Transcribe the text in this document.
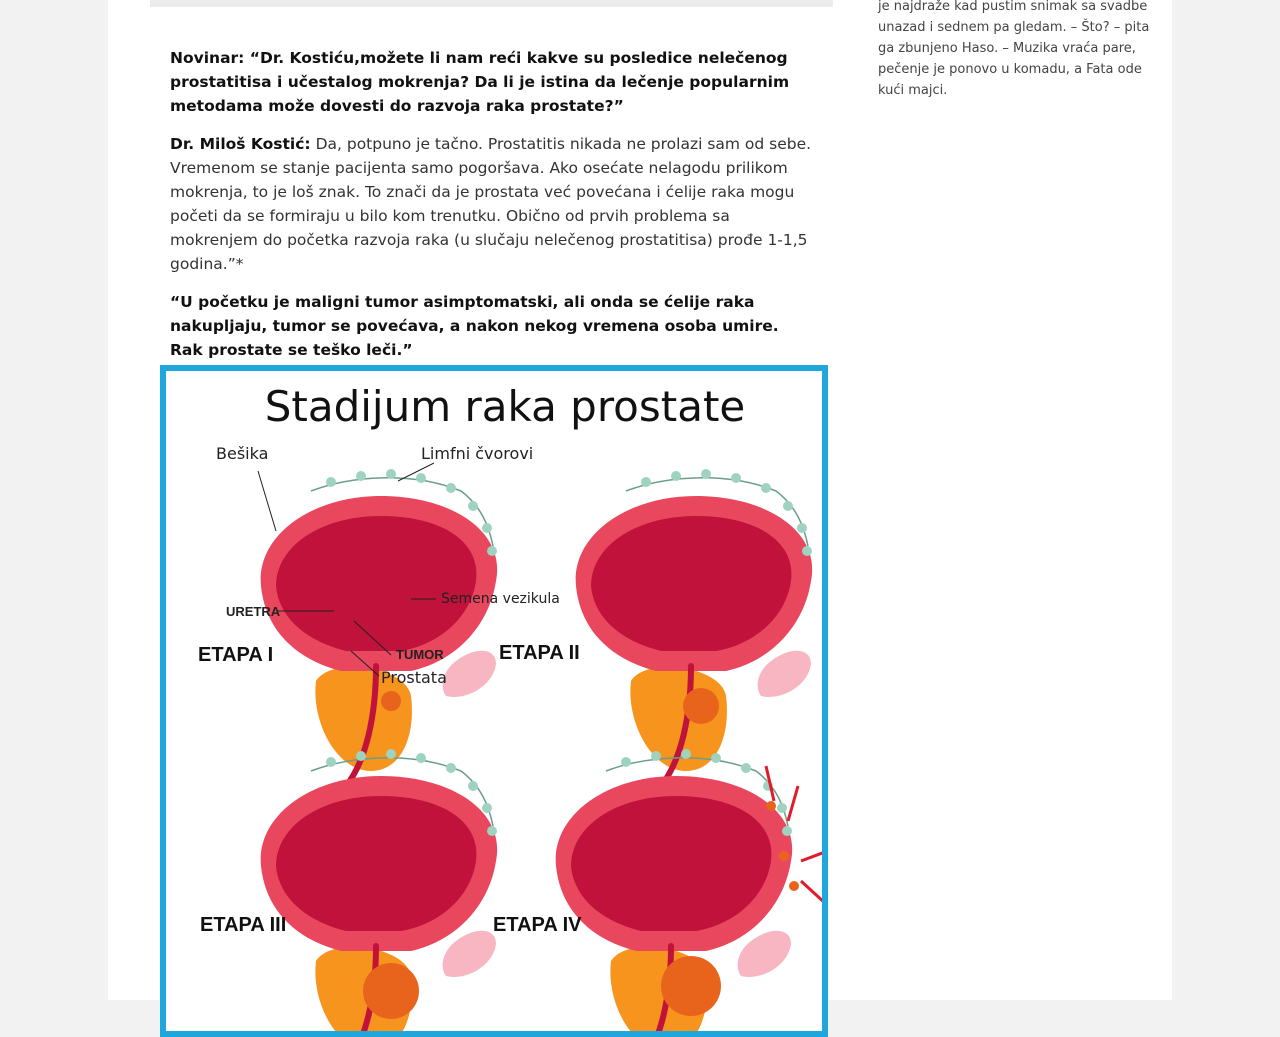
je najdraže kad pustim snimak sa svadbe unazad i sednem pa gledam. – Što? – pita ga zbunjeno Haso. – Muzika vraća pare, pečenje je ponovo u komadu, a Fata ode kući majci.

Novinar: “Dr. Kostiću,možete li nam reći kakve su posledice nelečenog prostatitisa i učestalog mokrenja? Da li je istina da lečenje popularnim metodama može dovesti do razvoja raka prostate?”

Dr. Miloš Kostić: Da, potpuno je tačno. Prostatitis nikada ne prolazi sam od sebe. Vremenom se stanje pacijenta samo pogoršava. Ako osećate nelagodu prilikom mokrenja, to je loš znak. To znači da je prostata već povećana i ćelije raka mogu početi da se formiraju u bilo kom trenutku. Obično od prvih problema sa mokrenjem do početka razvoja raka (u slučaju nelečenog prostatitisa) prođe 1-1,5 godina.”*

“U početku je maligni tumor asimptomatski, ali onda se ćelije raka nakupljaju, tumor se povećava, a nakon nekog vremena osoba umire. Rak prostate se teško leči.”

Stadijum raka prostate
Bešika	Limfni čvorovi
Semena vezikula
URETRA
TUMOR
Prostata
ETAPA I	ETAPA II
ETAPA III	ETAPA IV
